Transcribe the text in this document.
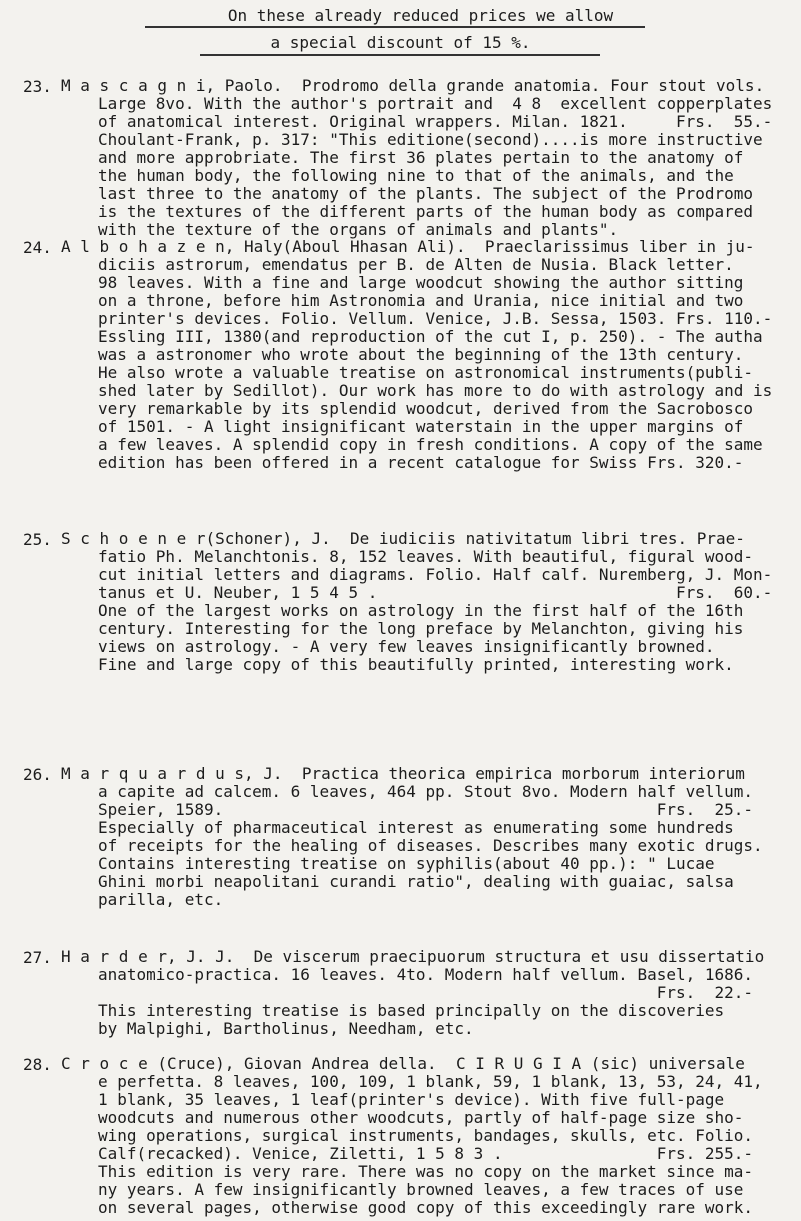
On these already reduced prices we allow
a special discount of 15 %.
23. M a s c a g n i, Paolo.  Prodromo della grande anatomia. Four stout vols.
Large 8vo. With the author's portrait and  4 8  excellent copperplates
of anatomical interest. Original wrappers. Milan. 1821.     Frs.  55.-
Choulant-Frank, p. 317: "This editione(second)....is more instructive
and more approbriate. The first 36 plates pertain to the anatomy of
the human body, the following nine to that of the animals, and the
last three to the anatomy of the plants. The subject of the Prodromo
is the textures of the different parts of the human body as compared
with the texture of the organs of animals and plants".
24. A l b o h a z e n, Haly(Aboul Hhasan Ali).  Praeclarissimus liber in ju-
diciis astrorum, emendatus per B. de Alten de Nusia. Black letter.
98 leaves. With a fine and large woodcut showing the author sitting
on a throne, before him Astronomia and Urania, nice initial and two
printer's devices. Folio. Vellum. Venice, J.B. Sessa, 1503. Frs. 110.-
Essling III, 1380(and reproduction of the cut I, p. 250). - The autha
was a astronomer who wrote about the beginning of the 13th century.
He also wrote a valuable treatise on astronomical instruments(publi-
shed later by Sedillot). Our work has more to do with astrology and is
very remarkable by its splendid woodcut, derived from the Sacrobosco
of 1501. - A light insignificant waterstain in the upper margins of
a few leaves. A splendid copy in fresh conditions. A copy of the same
edition has been offered in a recent catalogue for Swiss Frs. 320.-
25. S c h o e n e r(Schoner), J.  De iudiciis nativitatum libri tres. Prae-
fatio Ph. Melanchtonis. 8, 152 leaves. With beautiful, figural wood-
cut initial letters and diagrams. Folio. Half calf. Nuremberg, J. Mon-
tanus et U. Neuber, 1 5 4 5 .                               Frs.  60.-
One of the largest works on astrology in the first half of the 16th
century. Interesting for the long preface by Melanchton, giving his
views on astrology. - A very few leaves insignificantly browned.
Fine and large copy of this beautifully printed, interesting work.
26. M a r q u a r d u s, J.  Practica theorica empirica morborum interiorum
a capite ad calcem. 6 leaves, 464 pp. Stout 8vo. Modern half vellum.
Speier, 1589.                                             Frs.  25.-
Especially of pharmaceutical interest as enumerating some hundreds
of receipts for the healing of diseases. Describes many exotic drugs.
Contains interesting treatise on syphilis(about 40 pp.): " Lucae
Ghini morbi neapolitani curandi ratio", dealing with guaiac, salsa
parilla, etc.
27. H a r d e r, J. J.  De viscerum praecipuorum structura et usu dissertatio
anatomico-practica. 16 leaves. 4to. Modern half vellum. Basel, 1686.
Frs.  22.-
This interesting treatise is based principally on the discoveries
by Malpighi, Bartholinus, Needham, etc.
28. C r o c e (Cruce), Giovan Andrea della.  C I R U G I A (sic) universale
e perfetta. 8 leaves, 100, 109, 1 blank, 59, 1 blank, 13, 53, 24, 41,
1 blank, 35 leaves, 1 leaf(printer's device). With five full-page
woodcuts and numerous other woodcuts, partly of half-page size sho-
wing operations, surgical instruments, bandages, skulls, etc. Folio.
Calf(recacked). Venice, Ziletti, 1 5 8 3 .                Frs. 255.-
This edition is very rare. There was no copy on the market since ma-
ny years. A few insignificantly browned leaves, a few traces of use
on several pages, otherwise good copy of this exceedingly rare work.
